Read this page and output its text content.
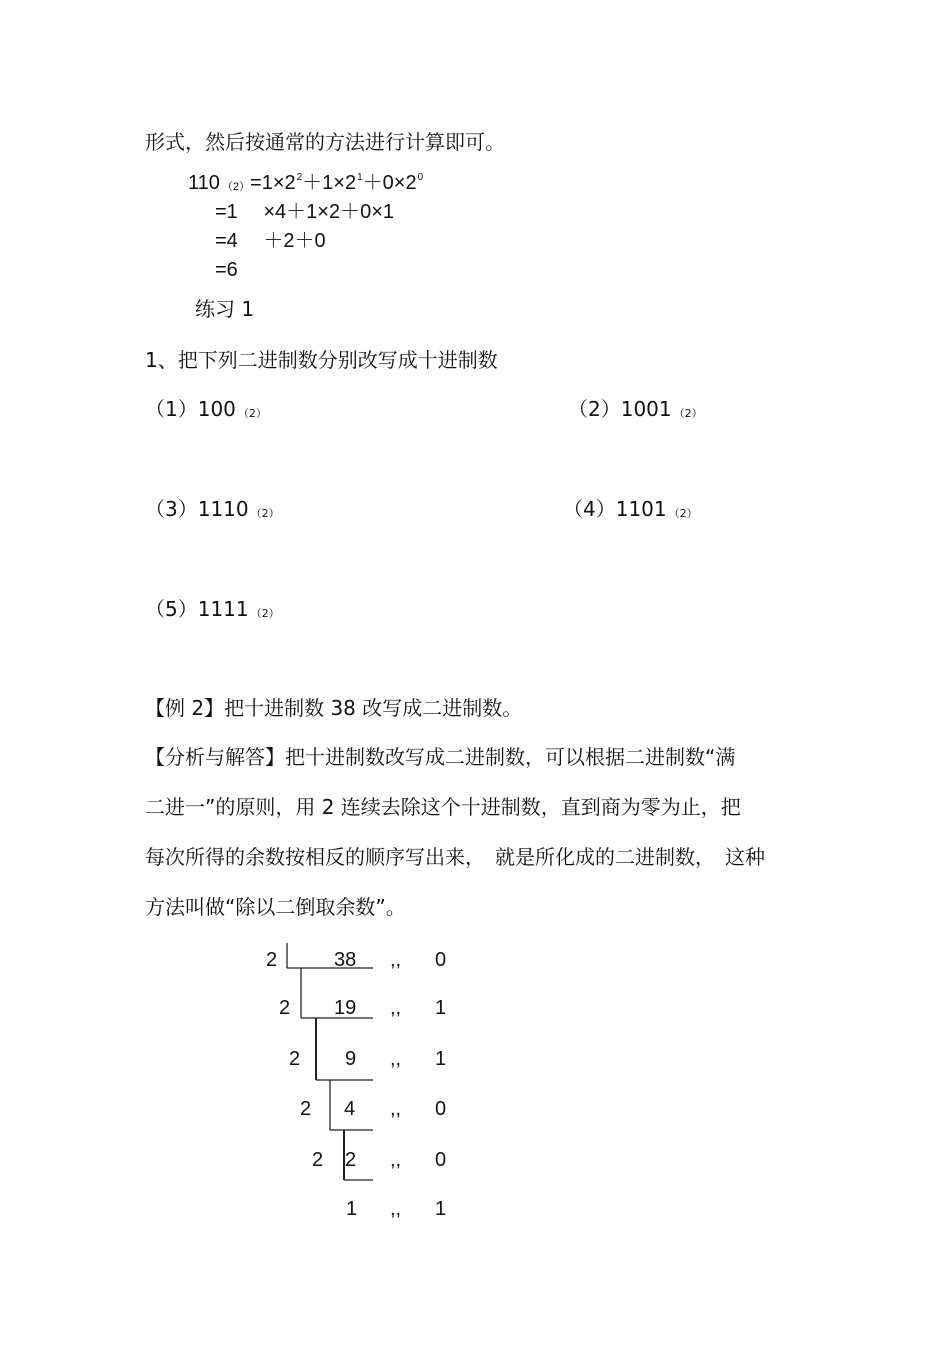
形式，然后按通常的方法进行计算即可。
110 $(2)=1\times 2^2+1\times 2^1+0\times 2^0$
=1　 ×4＋1×2＋0×1
=4　 ＋2＋0
=6
练习 1
1、把下列二进制数分别改写成十进制数
（1）100 （2）	（2）1001 （2）
（3）1110 （2）	（4）1101 （2）
（5）1111 （2）
【例 2】把十进制数 38 改写成二进制数。
【分析与解答】把十进制数改写成二进制数，可以根据二进制数“满
二进一”的原则，用 2 连续去除这个十进制数，直到商为零为止，把
每次所得的余数按相反的顺序写出来，　就是所化成的二进制数，　这种
方法叫做“除以二倒取余数”。
2	38 ,, 0
2 19 ,, 1
2 9 ,, 1
2 4 ,, 0
2 2 ,, 0
1 ,, 1
